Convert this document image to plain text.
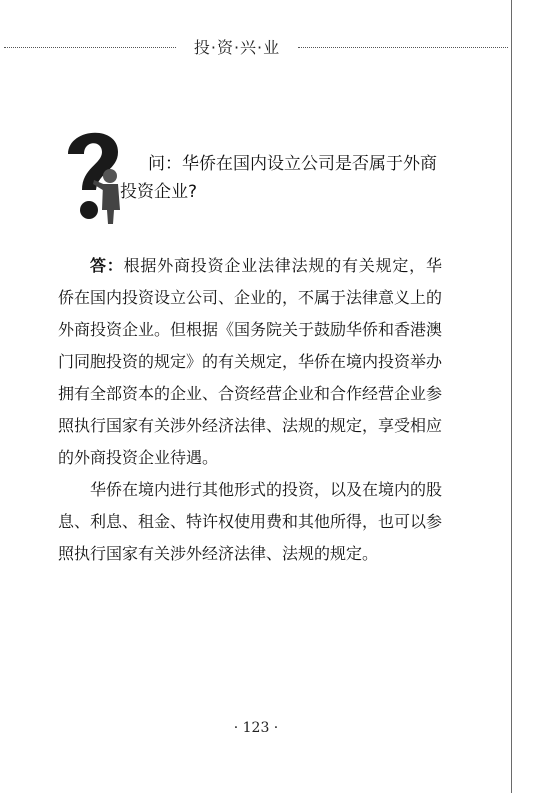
投·资·兴·业
问：华侨在国内设立公司是否属于外商投资企业?

答：根据外商投资企业法律法规的有关规定，华侨在国内投资设立公司、企业的，不属于法律意义上的外商投资企业。但根据《国务院关于鼓励华侨和香港澳门同胞投资的规定》的有关规定，华侨在境内投资举办拥有全部资本的企业、合资经营企业和合作经营企业参照执行国家有关涉外经济法律、法规的规定，享受相应的外商投资企业待遇。

华侨在境内进行其他形式的投资，以及在境内的股息、利息、租金、特许权使用费和其他所得，也可以参照执行国家有关涉外经济法律、法规的规定。

· 123 ·
